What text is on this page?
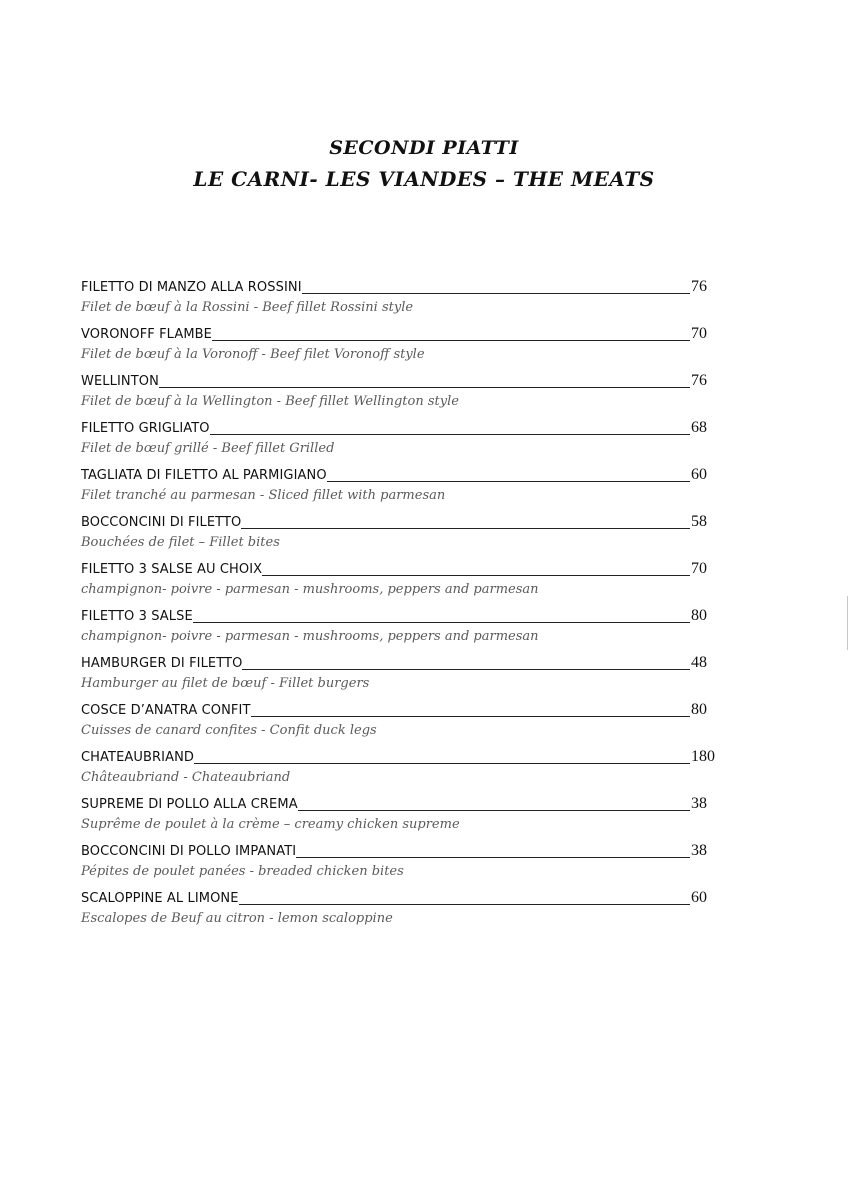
SECONDI PIATTI
LE CARNI- LES VIANDES – THE MEATS
FILETTO DI MANZO ALLA ROSSINI	76
Filet de bœuf à la Rossini - Beef fillet Rossini style
VORONOFF FLAMBE	70
Filet de bœuf à la Voronoff - Beef filet Voronoff style
WELLINTON	76
Filet de bœuf à la Wellington - Beef fillet Wellington style
FILETTO GRIGLIATO	68
Filet de bœuf grillé - Beef fillet Grilled
TAGLIATA DI FILETTO AL PARMIGIANO	60
Filet tranché au parmesan - Sliced fillet with parmesan
BOCCONCINI DI FILETTO	58
Bouchées de filet – Fillet bites
FILETTO 3 SALSE AU CHOIX	70
champignon- poivre - parmesan - mushrooms, peppers and parmesan
FILETTO 3 SALSE	80
champignon- poivre - parmesan - mushrooms, peppers and parmesan
HAMBURGER DI FILETTO	48
Hamburger au filet de bœuf - Fillet burgers
COSCE D’ANATRA CONFIT	80
Cuisses de canard confites - Confit duck legs
CHATEAUBRIAND	180
Châteaubriand - Chateaubriand
SUPREME DI POLLO ALLA CREMA	38
Suprême de poulet à la crème – creamy chicken supreme
BOCCONCINI DI POLLO IMPANATI	38
Pépites de poulet panées - breaded chicken bites
SCALOPPINE AL LIMONE	60
Escalopes de Beuf au citron - lemon scaloppine
